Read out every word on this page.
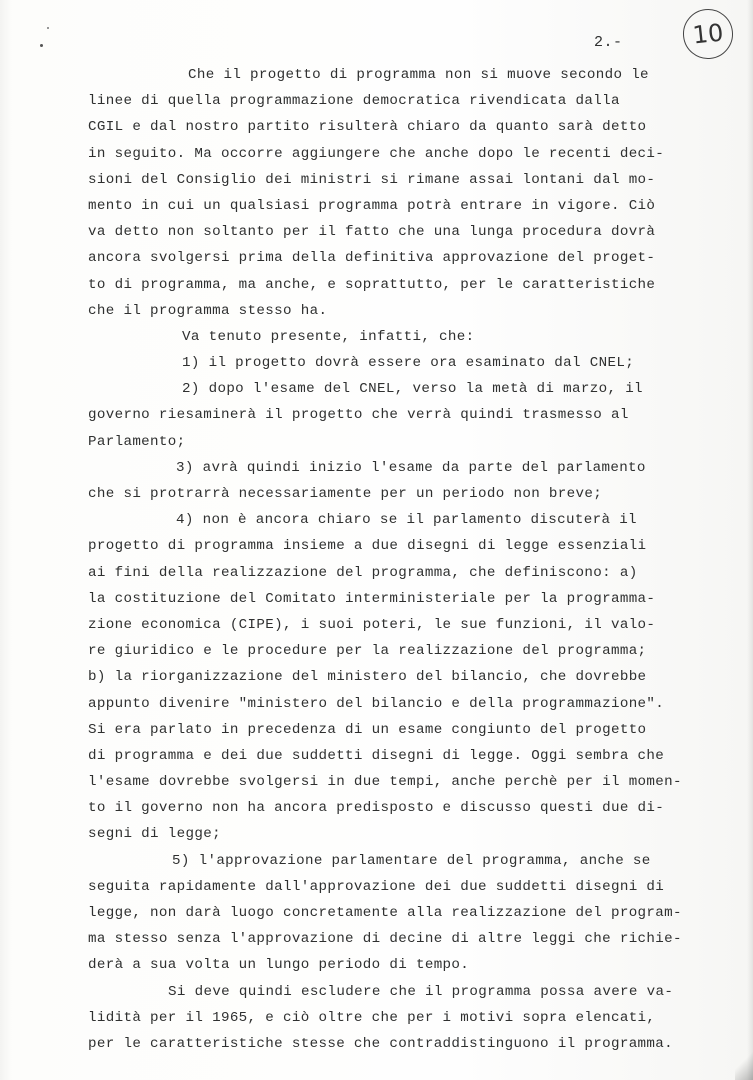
2.-	10
Che il progetto di programma non si muove secondo le
linee di quella programmazione democratica rivendicata dalla
CGIL e dal nostro partito risulterà chiaro da quanto sarà detto
in seguito. Ma occorre aggiungere che anche dopo le recenti deci-
sioni del Consiglio dei ministri si rimane assai lontani dal mo-
mento in cui un qualsiasi programma potrà entrare in vigore. Ciò
va detto non soltanto per il fatto che una lunga procedura dovrà
ancora svolgersi prima della definitiva approvazione del proget-
to di programma, ma anche, e soprattutto, per le caratteristiche
che il programma stesso ha.
Va tenuto presente, infatti, che:
1) il progetto dovrà essere ora esaminato dal CNEL;
2) dopo l'esame del CNEL, verso la metà di marzo, il
governo riesaminerà il progetto che verrà quindi trasmesso al
Parlamento;
3) avrà quindi inizio l'esame da parte del parlamento
che si protrarrà necessariamente per un periodo non breve;
4) non è ancora chiaro se il parlamento discuterà il
progetto di programma insieme a due disegni di legge essenziali
ai fini della realizzazione del programma, che definiscono: a)
la costituzione del Comitato interministeriale per la programma-
zione economica (CIPE), i suoi poteri, le sue funzioni, il valo-
re giuridico e le procedure per la realizzazione del programma;
b) la riorganizzazione del ministero del bilancio, che dovrebbe
appunto divenire "ministero del bilancio e della programmazione".
Si era parlato in precedenza di un esame congiunto del progetto
di programma e dei due suddetti disegni di legge. Oggi sembra che
l'esame dovrebbe svolgersi in due tempi, anche perchè per il momen-
to il governo non ha ancora predisposto e discusso questi due di-
segni di legge;
5) l'approvazione parlamentare del programma, anche se
seguita rapidamente dall'approvazione dei due suddetti disegni di
legge, non darà luogo concretamente alla realizzazione del program-
ma stesso senza l'approvazione di decine di altre leggi che richie-
derà a sua volta un lungo periodo di tempo.
Si deve quindi escludere che il programma possa avere va-
lidità per il 1965, e ciò oltre che per i motivi sopra elencati,
per le caratteristiche stesse che contraddistinguono il programma.
